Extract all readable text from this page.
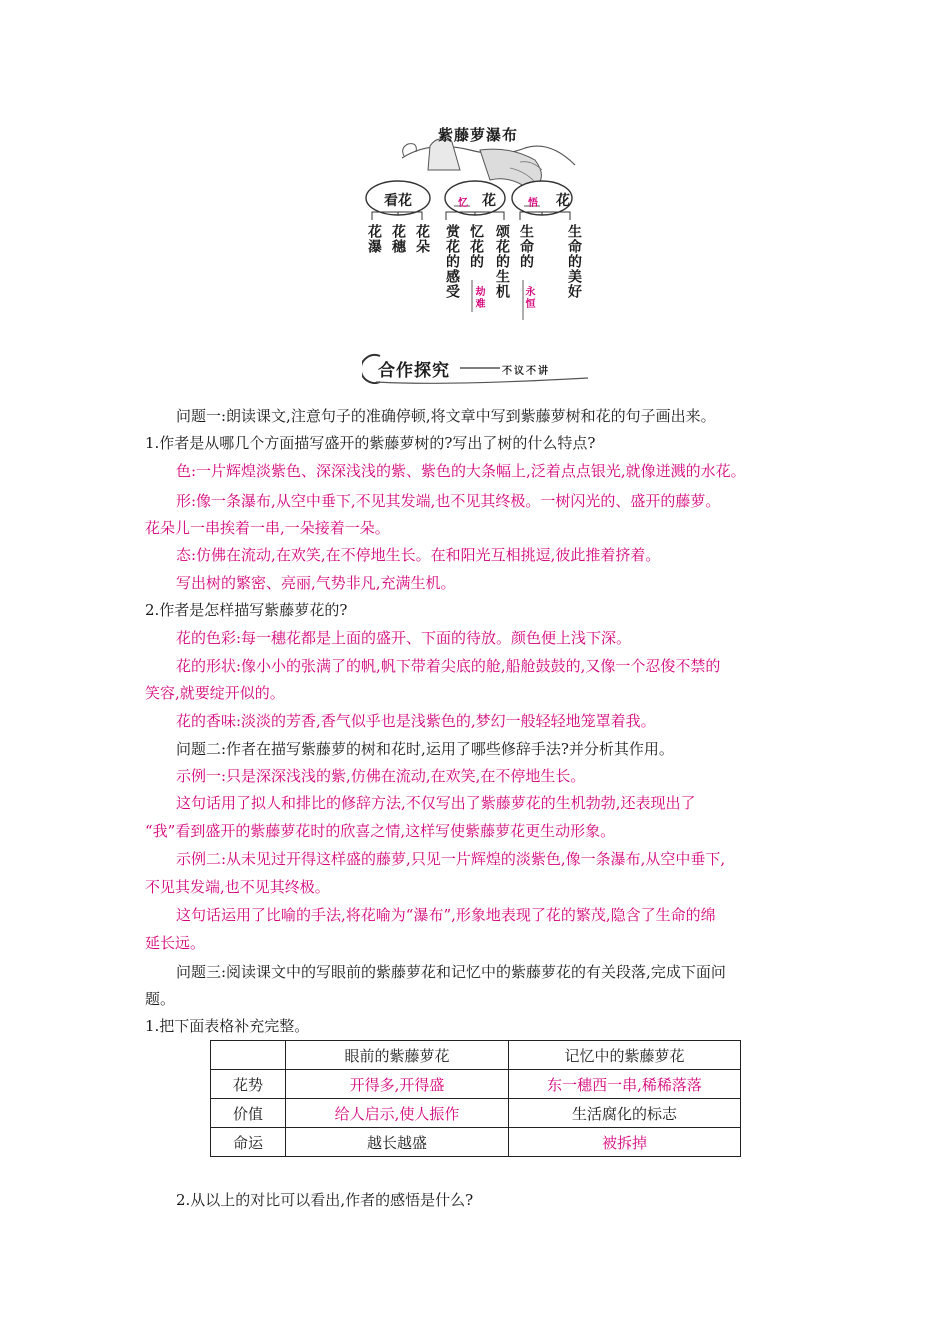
紫藤萝瀑布
看花	忆 花	悟 花
花瀑 花穗 花朵 赏花的感受 忆花的
劫难 颂花的生机 生命的
永恒 生命的美好
合作探究	不议不讲
问题一:朗读课文,注意句子的准确停顿,将文章中写到紫藤萝树和花的句子画出来。
1.作者是从哪几个方面描写盛开的紫藤萝树的?写出了树的什么特点?
色:一片辉煌淡紫色、深深浅浅的紫、紫色的大条幅上,泛着点点银光,就像迸溅的水花。
形:像一条瀑布,从空中垂下,不见其发端,也不见其终极。一树闪光的、盛开的藤萝。
花朵儿一串挨着一串,一朵接着一朵。
态:仿佛在流动,在欢笑,在不停地生长。在和阳光互相挑逗,彼此推着挤着。
写出树的繁密、亮丽,气势非凡,充满生机。
2.作者是怎样描写紫藤萝花的?
花的色彩:每一穗花都是上面的盛开、下面的待放。颜色便上浅下深。
花的形状:像小小的张满了的帆,帆下带着尖底的舱,船舱鼓鼓的,又像一个忍俊不禁的
笑容,就要绽开似的。
花的香味:淡淡的芳香,香气似乎也是浅紫色的,梦幻一般轻轻地笼罩着我。
问题二:作者在描写紫藤萝的树和花时,运用了哪些修辞手法?并分析其作用。
示例一:只是深深浅浅的紫,仿佛在流动,在欢笑,在不停地生长。
这句话用了拟人和排比的修辞方法,不仅写出了紫藤萝花的生机勃勃,还表现出了
“我”看到盛开的紫藤萝花时的欣喜之情,这样写使紫藤萝花更生动形象。
示例二:从未见过开得这样盛的藤萝,只见一片辉煌的淡紫色,像一条瀑布,从空中垂下,
不见其发端,也不见其终极。
这句话运用了比喻的手法,将花喻为“瀑布”,形象地表现了花的繁茂,隐含了生命的绵
延长远。
问题三:阅读课文中的写眼前的紫藤萝花和记忆中的紫藤萝花的有关段落,完成下面问
题。
1.把下面表格补充完整。
	眼前的紫藤萝花	记忆中的紫藤萝花
花势	开得多,开得盛	东一穗西一串,稀稀落落
价值	给人启示,使人振作	生活腐化的标志
命运	越长越盛	被拆掉
2.从以上的对比可以看出,作者的感悟是什么?
